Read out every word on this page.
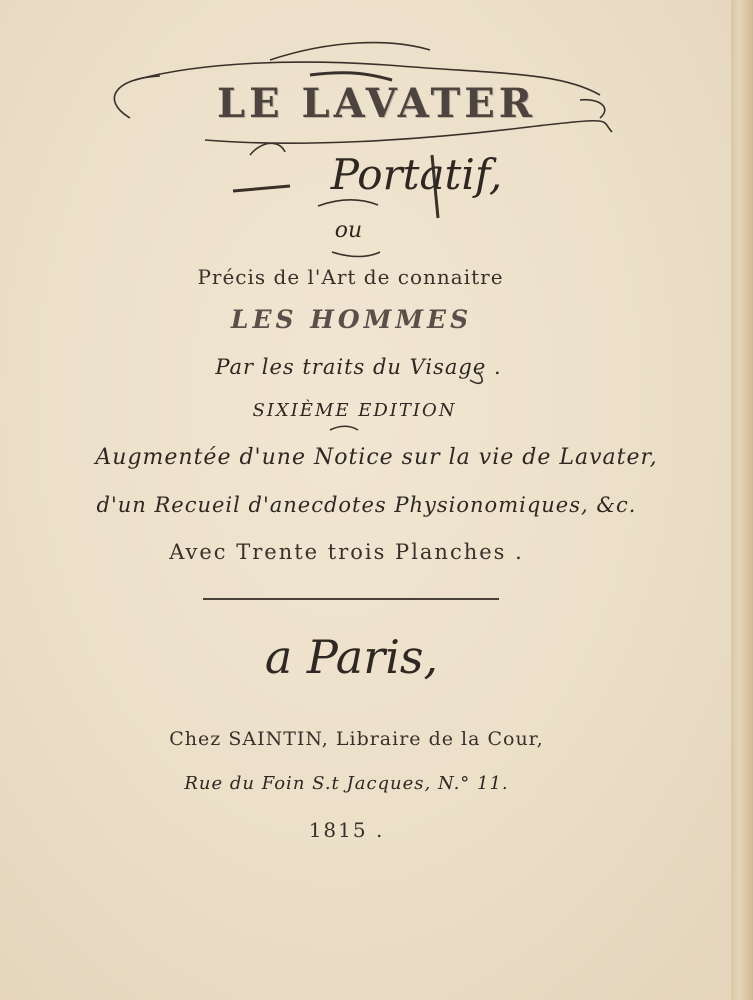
LE LAVATER
Portatif,
ou
Précis de l'Art de connaitre
LES HOMMES
Par les traits du Visage .
SIXIÈME EDITION
Augmentée d'une Notice sur la vie de Lavater,
d'un Recueil d'anecdotes Physionomiques, &c.
Avec Trente trois Planches .
a Paris,
Chez SAINTIN, Libraire de la Cour,
Rue du Foin S.t Jacques, N.° 11.
1815 .
